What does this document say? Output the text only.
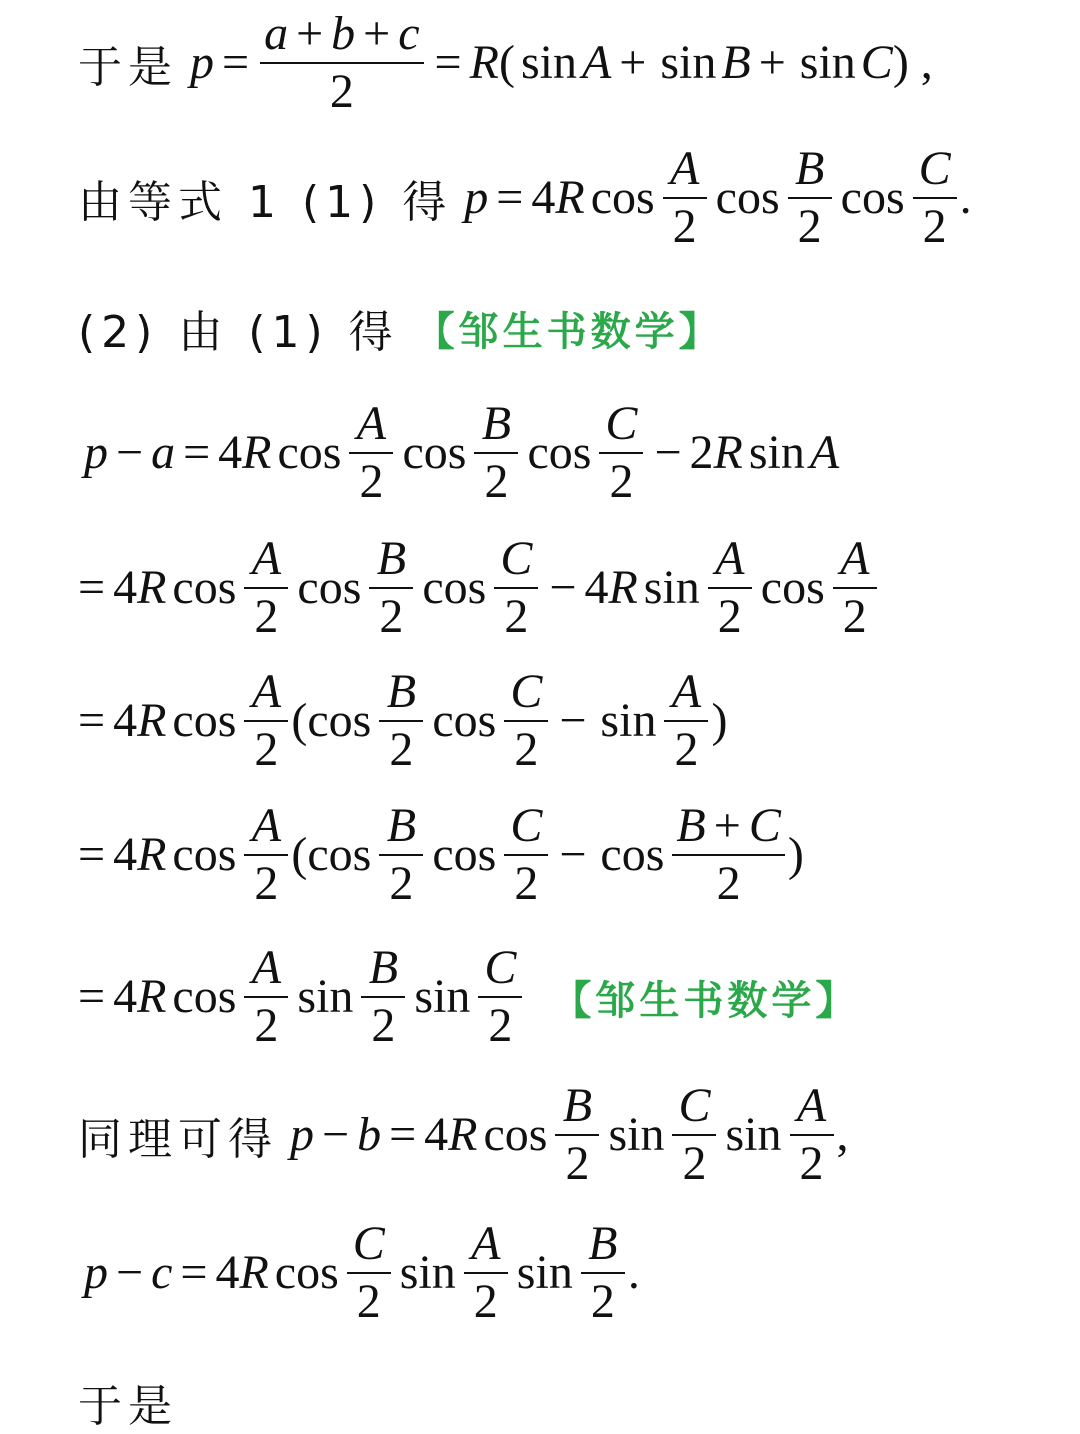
于是 $p = \frac{a + b + c}{2} = R$ ( sin A + sin B + sin C ) ,
由等式 1 (1) 得 p = 4 R $\cos \frac{A}{2}$ $\cos \frac{B}{2}$ $\cos \frac{C}{2}$ .
(2) 由 (1) 得 【邹生书数学】
p − a = 4 R $\cos \frac{A}{2}$ $\cos \frac{B}{2}$ $\cos \frac{C}{2} - 2$ R sin A
= 4 R $\cos \frac{A}{2}$ $\cos \frac{B}{2}$ $\cos \frac{C}{2} - 4$ R $\sin \frac{A}{2}$ $\cos \frac{A}{2}$
= 4 R $\cos \frac{A}{2}$ ( $\cos \frac{B}{2}$ $\cos \frac{C}{2} - \sin \frac{A}{2}$ )
= 4 R $\cos \frac{A}{2}$ ( $\cos \frac{B}{2}$ $\cos \frac{C}{2} - \cos \frac{B + C}{2}$ )
= 4 R $\cos \frac{A}{2}$ $\sin \frac{B}{2}$ $\sin \frac{C}{2}$ 【邹生书数学】
同理可得 p − b = 4 R $\cos \frac{B}{2}$ $\sin \frac{C}{2}$ $\sin \frac{A}{2}$ ,
p − c = 4 R $\cos \frac{C}{2}$ $\sin \frac{A}{2}$ $\sin \frac{B}{2}$ .
于是
